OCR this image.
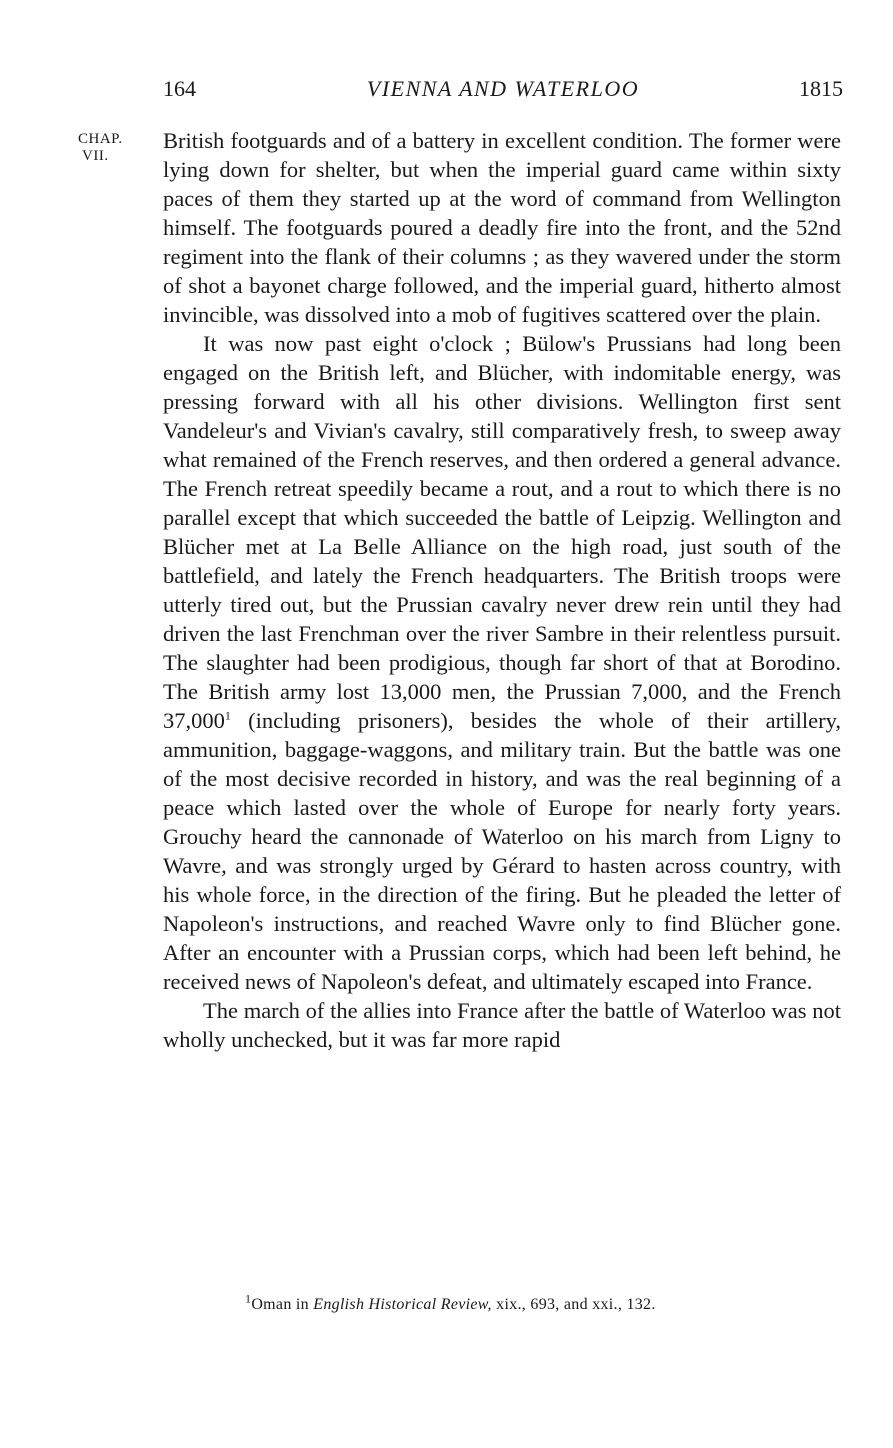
164	VIENNA AND WATERLOO	1815
CHAP.
VII.

British footguards and of a battery in excellent condition. The former were lying down for shelter, but when the imperial guard came within sixty paces of them they started up at the word of command from Wellington himself. The footguards poured a deadly fire into the front, and the 52nd regiment into the flank of their columns ; as they wavered under the storm of shot a bayonet charge followed, and the imperial guard, hitherto almost invincible, was dissolved into a mob of fugitives scattered over the plain.

It was now past eight o'clock ; Bülow's Prussians had long been engaged on the British left, and Blücher, with indomitable energy, was pressing forward with all his other divisions. Wellington first sent Vandeleur's and Vivian's cavalry, still comparatively fresh, to sweep away what remained of the French reserves, and then ordered a general advance. The French retreat speedily became a rout, and a rout to which there is no parallel except that which succeeded the battle of Leipzig. Wellington and Blücher met at La Belle Alliance on the high road, just south of the battlefield, and lately the French headquarters. The British troops were utterly tired out, but the Prussian cavalry never drew rein until they had driven the last Frenchman over the river Sambre in their relentless pursuit. The slaughter had been prodigious, though far short of that at Borodino. The British army lost 13,000 men, the Prussian 7,000, and the French 37,000$^1$ (including prisoners), besides the whole of their artillery, ammunition, baggage-waggons, and military train. But the battle was one of the most decisive recorded in history, and was the real beginning of a peace which lasted over the whole of Europe for nearly forty years. Grouchy heard the cannonade of Waterloo on his march from Ligny to Wavre, and was strongly urged by Gérard to hasten across country, with his whole force, in the direction of the firing. But he pleaded the letter of Napoleon's instructions, and reached Wavre only to find Blücher gone. After an encounter with a Prussian corps, which had been left behind, he received news of Napoleon's defeat, and ultimately escaped into France.

The march of the allies into France after the battle of Waterloo was not wholly unchecked, but it was far more rapid

$^1$Oman in English Historical Review, xix., 693, and xxi., 132.
